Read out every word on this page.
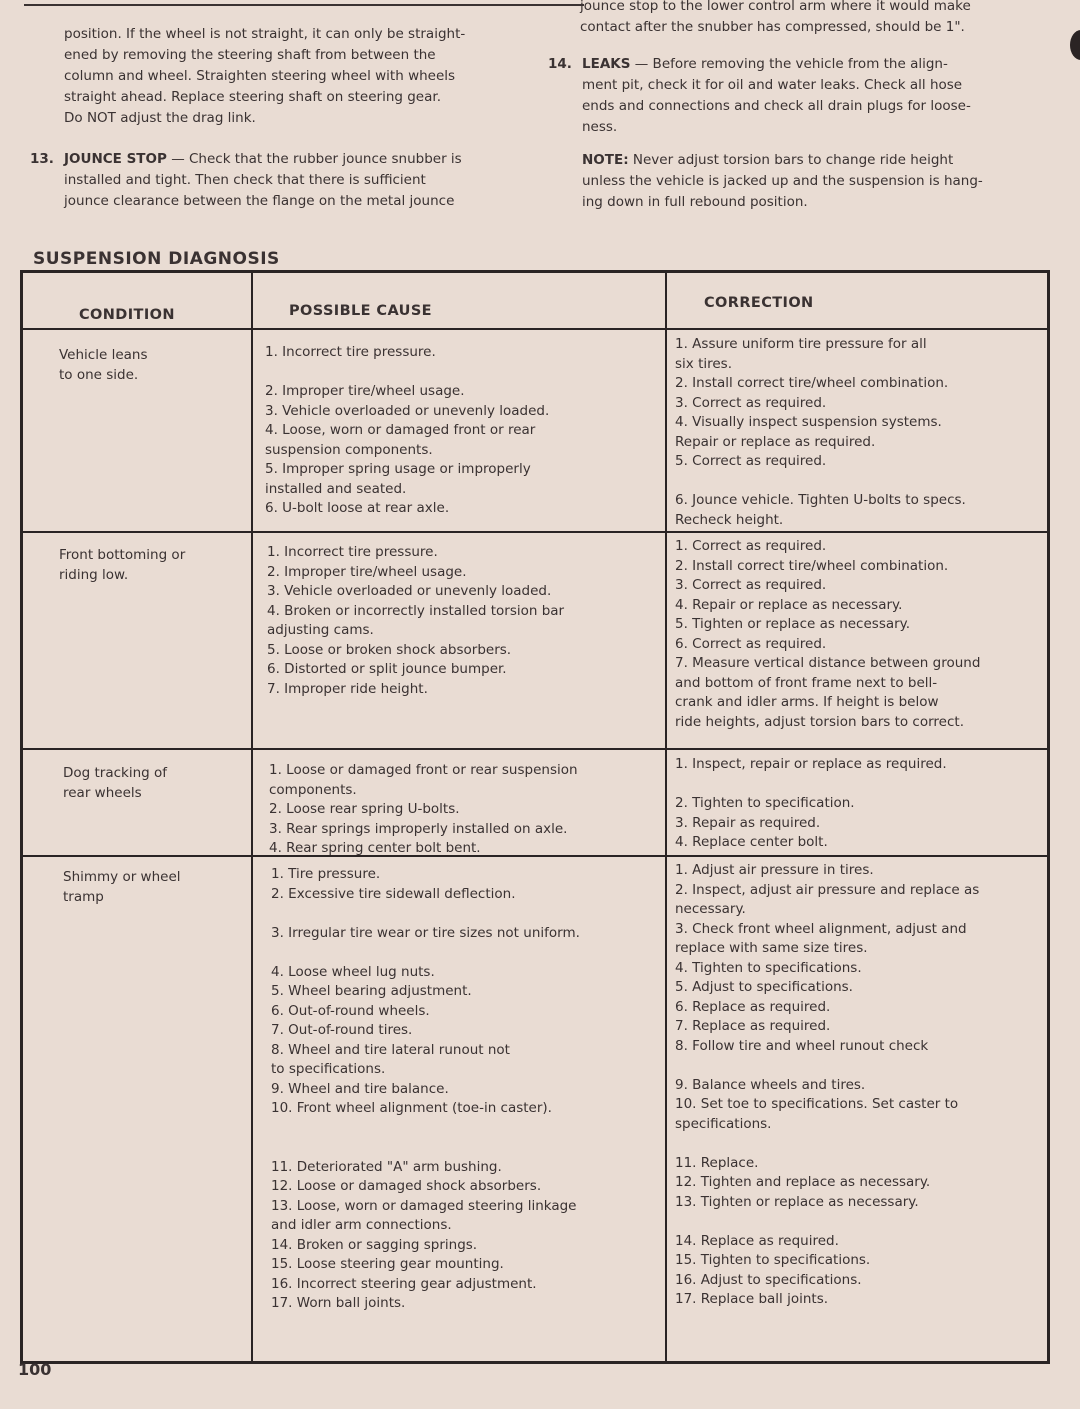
jounce stop to the lower control arm where it would make
contact after the snubber has compressed, should be 1".
position. If the wheel is not straight, it can only be straight-
ened by removing the steering shaft from between the
column and wheel. Straighten steering wheel with wheels
straight ahead. Replace steering shaft on steering gear.
Do NOT adjust the drag link.
13. JOUNCE STOP — Check that the rubber jounce snubber is
installed and tight. Then check that there is sufficient
jounce clearance between the flange on the metal jounce
14. LEAKS — Before removing the vehicle from the align-
ment pit, check it for oil and water leaks. Check all hose
ends and connections and check all drain plugs for loose-
ness.
NOTE: Never adjust torsion bars to change ride height
unless the vehicle is jacked up and the suspension is hang-
ing down in full rebound position.
SUSPENSION DIAGNOSIS
CONDITION	POSSIBLE CAUSE	CORRECTION
Vehicle leans
to one side.
1. Incorrect tire pressure.

2. Improper tire/wheel usage.
3. Vehicle overloaded or unevenly loaded.
4. Loose, worn or damaged front or rear
suspension components.
5. Improper spring usage or improperly
installed and seated.
6. U-bolt loose at rear axle.
1. Assure uniform tire pressure for all
six tires.
2. Install correct tire/wheel combination.
3. Correct as required.
4. Visually inspect suspension systems.
Repair or replace as required.
5. Correct as required.

6. Jounce vehicle. Tighten U-bolts to specs.
Recheck height.
Front bottoming or
riding low.
1. Incorrect tire pressure.
2. Improper tire/wheel usage.
3. Vehicle overloaded or unevenly loaded.
4. Broken or incorrectly installed torsion bar
adjusting cams.
5. Loose or broken shock absorbers.
6. Distorted or split jounce bumper.
7. Improper ride height.
1. Correct as required.
2. Install correct tire/wheel combination.
3. Correct as required.
4. Repair or replace as necessary.
5. Tighten or replace as necessary.
6. Correct as required.
7. Measure vertical distance between ground
and bottom of front frame next to bell-
crank and idler arms. If height is below
ride heights, adjust torsion bars to correct.
Dog tracking of
rear wheels
1. Loose or damaged front or rear suspension
components.
2. Loose rear spring U-bolts.
3. Rear springs improperly installed on axle.
4. Rear spring center bolt bent.
1. Inspect, repair or replace as required.

2. Tighten to specification.
3. Repair as required.
4. Replace center bolt.
Shimmy or wheel
tramp
1. Tire pressure.
2. Excessive tire sidewall deflection.

3. Irregular tire wear or tire sizes not uniform.

4. Loose wheel lug nuts.
5. Wheel bearing adjustment.
6. Out-of-round wheels.
7. Out-of-round tires.
8. Wheel and tire lateral runout not
to specifications.
9. Wheel and tire balance.
10. Front wheel alignment (toe-in caster).

11. Deteriorated "A" arm bushing.
12. Loose or damaged shock absorbers.
13. Loose, worn or damaged steering linkage
and idler arm connections.
14. Broken or sagging springs.
15. Loose steering gear mounting.
16. Incorrect steering gear adjustment.
17. Worn ball joints.
1. Adjust air pressure in tires.
2. Inspect, adjust air pressure and replace as
necessary.
3. Check front wheel alignment, adjust and
replace with same size tires.
4. Tighten to specifications.
5. Adjust to specifications.
6. Replace as required.
7. Replace as required.
8. Follow tire and wheel runout check

9. Balance wheels and tires.
10. Set toe to specifications. Set caster to
specifications.

11. Replace.
12. Tighten and replace as necessary.
13. Tighten or replace as necessary.

14. Replace as required.
15. Tighten to specifications.
16. Adjust to specifications.
17. Replace ball joints.
100
